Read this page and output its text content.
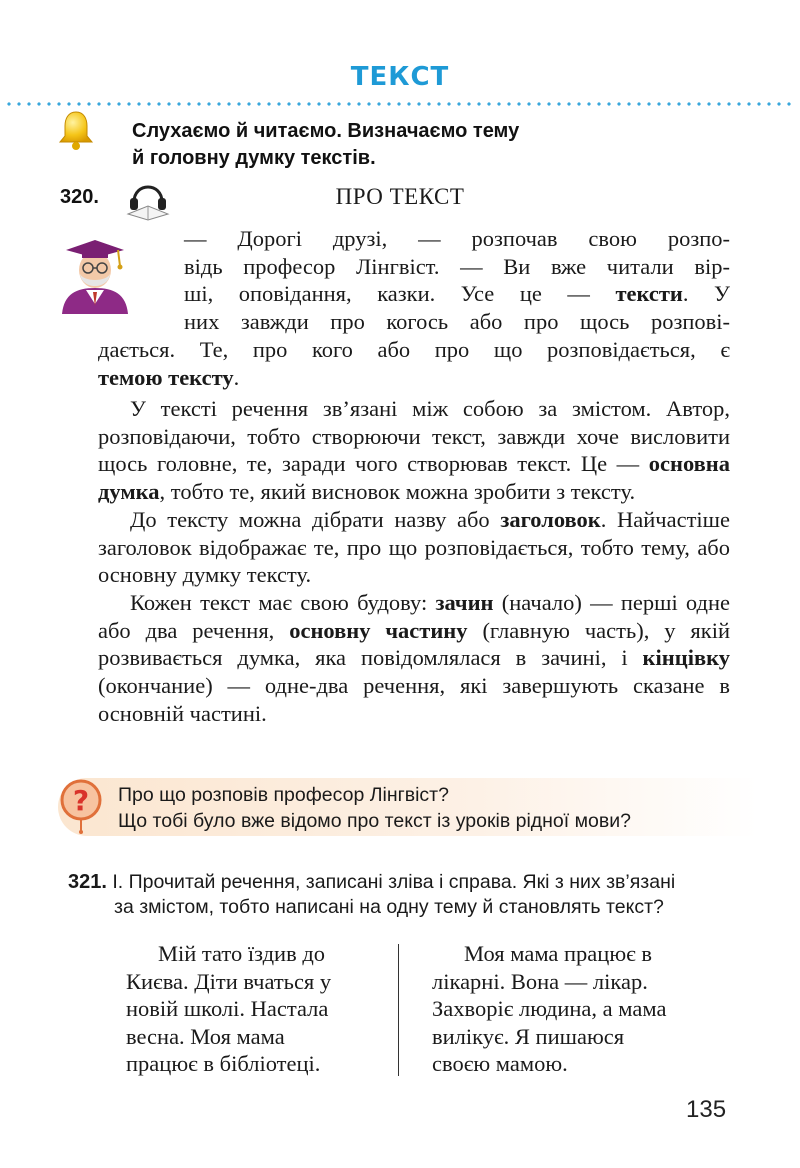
ТЕКСТ
Слухаємо й читаємо. Визначаємо тему
й головну думку текстів.
320.	ПРО ТЕКСТ
— Дорогі друзі, — розпочав свою розпо-
відь професор Лінгвіст. — Ви вже читали вір-
ші, оповідання, казки. Усе це — тексти. У
них завжди про когось або про щось розпові-
дається. Те, про кого або про що розповідається, є
темою тексту.

У тексті речення зв’язані між собою за змістом. Автор, розповідаючи, тобто створюючи текст, завжди хоче висловити щось головне, те, заради чого створював текст. Це — основна думка, тобто те, який висновок можна зробити з тексту.

До тексту можна дібрати назву або заголовок. Найчастіше заголовок відображає те, про що розповідається, тобто тему, або основну думку тексту.

Кожен текст має свою будову: зачин (начало) — перші одне або два речення, основну частину (главную часть), у якій розвивається думка, яка повідомлялася в зачині, і кінцівку (окончание) — одне-два речення, які завершують сказане в основній частині.

? Про що розповів професор Лінгвіст?
Що тобі було вже відомо про текст із уроків рідної мови?
321. І. Прочитай речення, записані зліва і справа. Які з них зв’язані
за змістом, тобто написані на одну тему й становлять текст?
Мій тато їздив до
Києва. Діти вчаться у
новій школі. Настала
весна. Моя мама
працює в бібліотеці.
Моя мама працює в
лікарні. Вона — лікар.
Захворіє людина, а мама
вилікує. Я пишаюся
своєю мамою.
135
